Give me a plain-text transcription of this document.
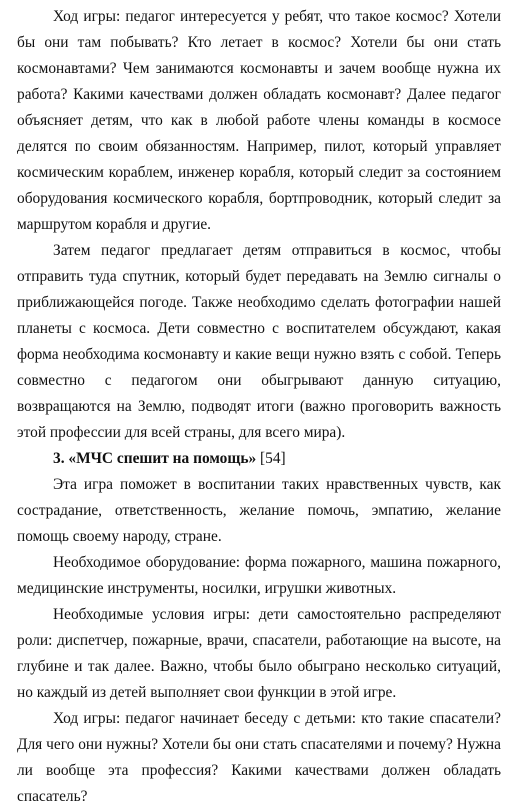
Ход игры: педагог интересуется у ребят, что такое космос? Хотели бы они там побывать? Кто летает в космос? Хотели бы они стать космонавтами? Чем занимаются космонавты и зачем вообще нужна их работа? Какими качествами должен обладать космонавт? Далее педагог объясняет детям, что как в любой работе члены команды в космосе делятся по своим обязанностям. Например, пилот, который управляет космическим кораблем, инженер корабля, который следит за состоянием оборудования космического корабля, бортпроводник, который следит за маршрутом корабля и другие.

Затем педагог предлагает детям отправиться в космос, чтобы отправить туда спутник, который будет передавать на Землю сигналы о приближающейся погоде. Также необходимо сделать фотографии нашей планеты с космоса. Дети совместно с воспитателем обсуждают, какая форма необходима космонавту и какие вещи нужно взять с собой. Теперь совместно с педагогом они обыгрывают данную ситуацию, возвращаются на Землю, подводят итоги (важно проговорить важность этой профессии для всей страны, для всего мира).

3. «МЧС спешит на помощь» [54]

Эта игра поможет в воспитании таких нравственных чувств, как сострадание, ответственность, желание помочь, эмпатию, желание помощь своему народу, стране.

Необходимое оборудование: форма пожарного, машина пожарного, медицинские инструменты, носилки, игрушки животных.

Необходимые условия игры: дети самостоятельно распределяют роли: диспетчер, пожарные, врачи, спасатели, работающие на высоте, на глубине и так далее. Важно, чтобы было обыграно несколько ситуаций, но каждый из детей выполняет свои функции в этой игре.

Ход игры: педагог начинает беседу с детьми: кто такие спасатели? Для чего они нужны? Хотели бы они стать спасателями и почему? Нужна ли вообще эта профессия? Какими качествами должен обладать спасатель?
